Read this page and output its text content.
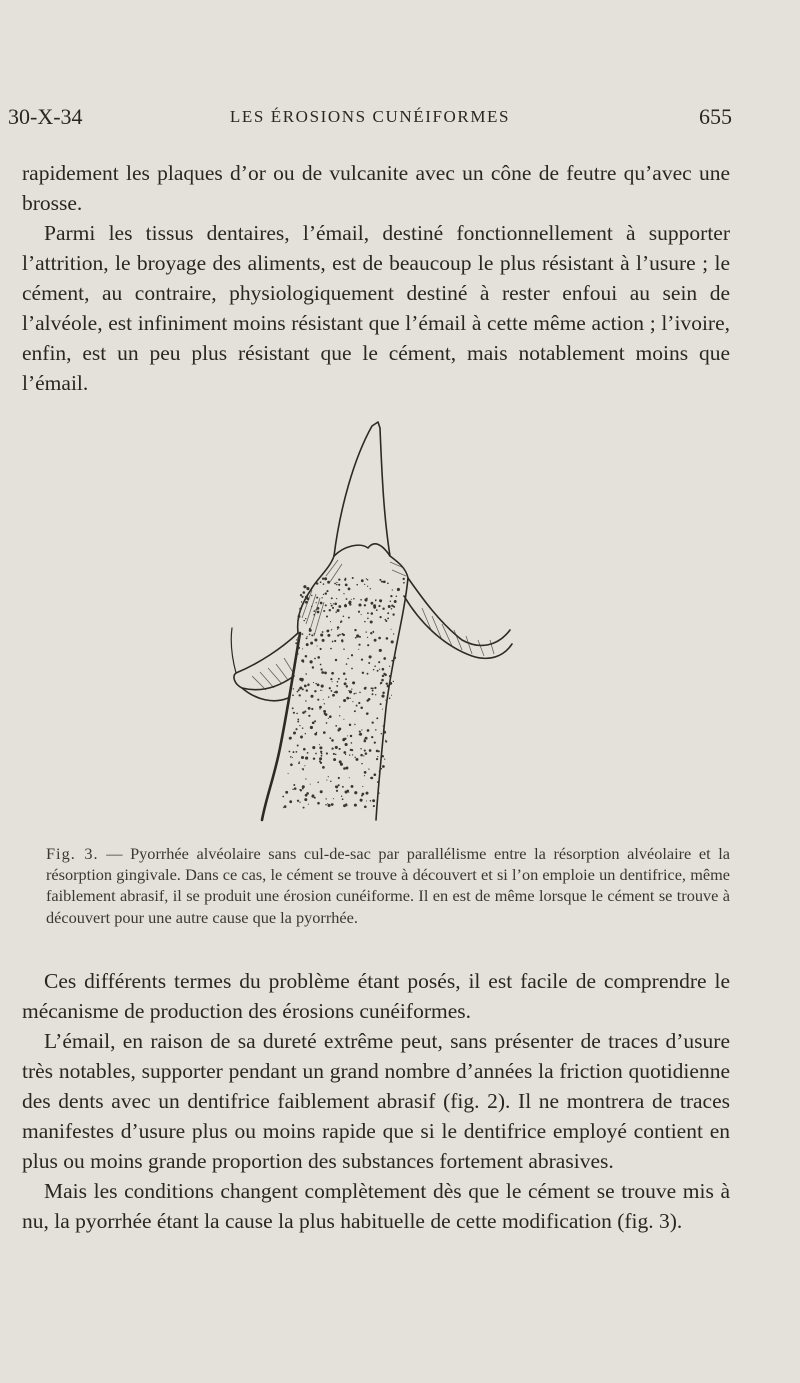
30-X-34	LES ÉROSIONS CUNÉIFORMES	655

rapidement les plaques d’or ou de vulcanite avec un cône de feutre qu’avec une brosse.

Parmi les tissus dentaires, l’émail, destiné fonctionnellement à supporter l’attrition, le broyage des aliments, est de beaucoup le plus résistant à l’usure ; le cément, au contraire, physiologiquement destiné à rester enfoui au sein de l’alvéole, est infiniment moins résistant que l’émail à cette même action ; l’ivoire, enfin, est un peu plus résistant que le cément, mais notablement moins que l’émail.

Fig. 3. — Pyorrhée alvéolaire sans cul-de-sac par parallélisme entre la résorption alvéolaire et la résorption gingivale. Dans ce cas, le cément se trouve à découvert et si l’on emploie un dentifrice, même faiblement abrasif, il se produit une érosion cunéiforme. Il en est de même lorsque le cément se trouve à découvert pour une autre cause que la pyorrhée.

Ces différents termes du problème étant posés, il est facile de comprendre le mécanisme de production des érosions cunéiformes.

L’émail, en raison de sa dureté extrême peut, sans présenter de traces d’usure très notables, supporter pendant un grand nombre d’années la friction quotidienne des dents avec un dentifrice faiblement abrasif (fig. 2). Il ne montrera de traces manifestes d’usure plus ou moins rapide que si le dentifrice employé contient en plus ou moins grande proportion des substances fortement abrasives.

Mais les conditions changent complètement dès que le cément se trouve mis à nu, la pyorrhée étant la cause la plus habituelle de cette modification (fig. 3).
